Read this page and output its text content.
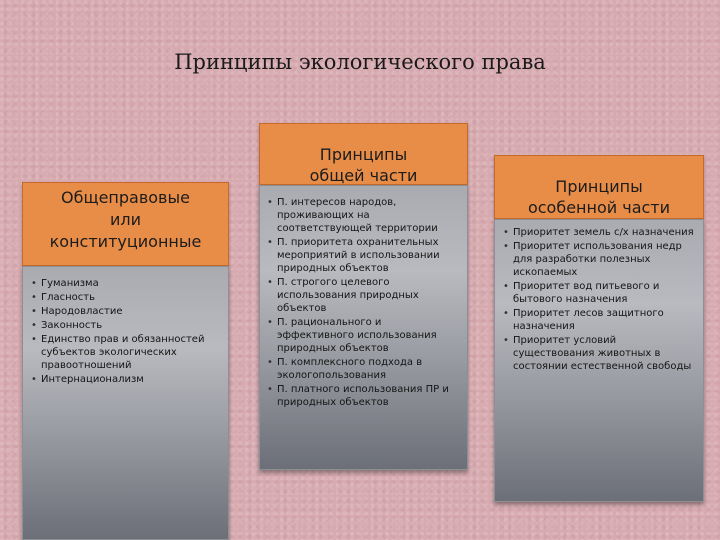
Принципы экологического права
Общеправовые или конституционные
• Гуманизма
• Гласность
• Народовластие
• Законность
• Единство прав и обязанностей субъектов экологических правоотношений
• Интернационализм
Принципы общей части
• П. интересов народов, проживающих на соответствующей территории
• П. приоритета охранительных мероприятий в использовании природных объектов
• П. строгого целевого использования природных объектов
• П. рационального и эффективного использования природных объектов
• П. комплексного подхода в экологопользования
• П. платного использования ПР и природных объектов
Принципы особенной части
• Приоритет земель с/х назначения
• Приоритет использования недр для разработки полезных ископаемых
• Приоритет вод питьевого и бытового назначения
• Приоритет лесов защитного назначения
• Приоритет условий существования животных в состоянии естественной свободы
